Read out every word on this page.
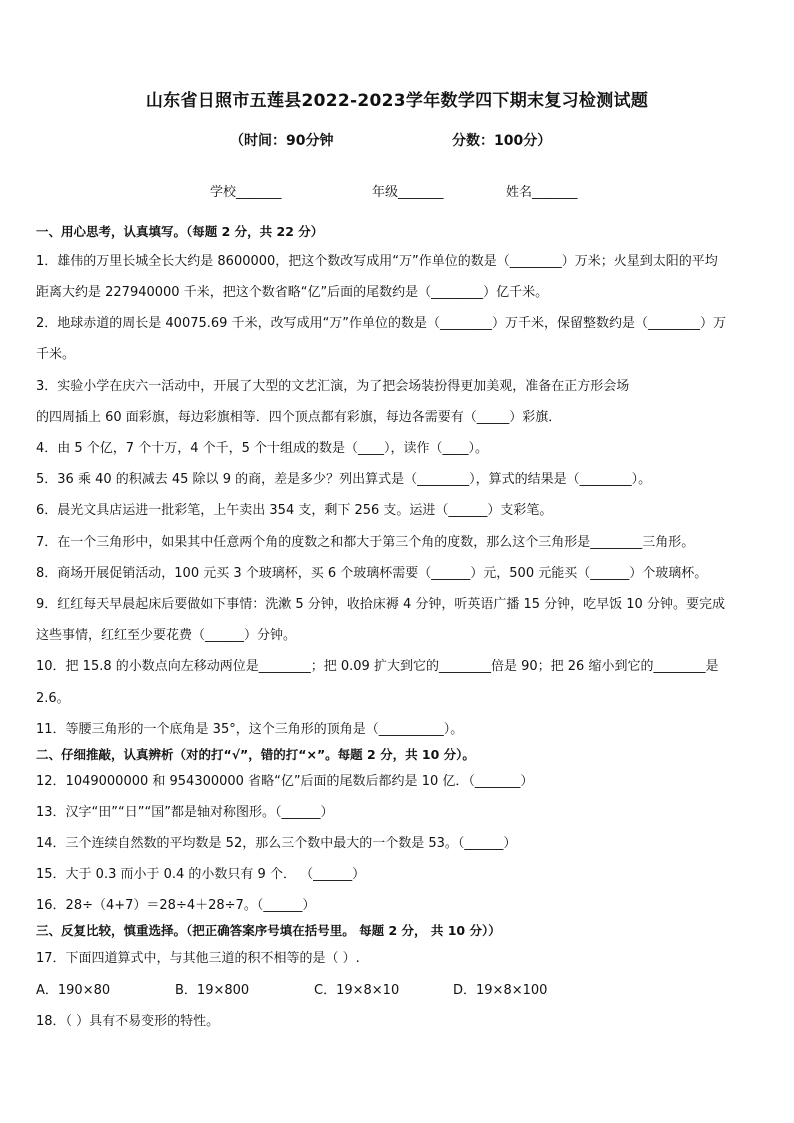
山东省日照市五莲县2022-2023学年数学四下期末复习检测试题
（时间：90分钟	分数：100分）
学校_______	年级_______	姓名_______
一、用心思考，认真填写。（每题 2 分，共 22 分）
1．雄伟的万里长城全长大约是 8600000，把这个数改写成用“万”作单位的数是（________）万米；火星到太阳的平均
距离大约是 227940000 千米，把这个数省略“亿”后面的尾数约是（________）亿千米。
2．地球赤道的周长是 40075.69 千米，改写成用“万”作单位的数是（________）万千米，保留整数约是（________）万
千米。
3．实验小学在庆六一活动中，开展了大型的文艺汇演，为了把会场装扮得更加美观，准备在正方形会场
的四周插上 60 面彩旗，每边彩旗相等．四个顶点都有彩旗，每边各需要有（_____）彩旗．
4．由 5 个亿，7 个十万，4 个千，5 个十组成的数是（____），读作（____）。
5．36 乘 40 的积减去 45 除以 9 的商，差是多少？列出算式是（________），算式的结果是（________）。
6．晨光文具店运进一批彩笔，上午卖出 354 支，剩下 256 支。运进（______）支彩笔。
7．在一个三角形中，如果其中任意两个角的度数之和都大于第三个角的度数，那么这个三角形是________三角形。
8．商场开展促销活动，100 元买 3 个玻璃杯，买 6 个玻璃杯需要（______）元，500 元能买（______）个玻璃杯。
9．红红每天早晨起床后要做如下事情：洗漱 5 分钟，收拾床褥 4 分钟，听英语广播 15 分钟，吃早饭 10 分钟。要完成
这些事情，红红至少要花费（______）分钟。
10．把 15.8 的小数点向左移动两位是________；把 0.09 扩大到它的________倍是 90；把 26 缩小到它的________是
2.6。
11．等腰三角形的一个底角是 35°，这个三角形的顶角是（__________）。
二、仔细推敲，认真辨析（对的打“√”，错的打“×”。每题 2 分，共 10 分）。
12．1049000000 和 954300000 省略“亿”后面的尾数后都约是 10 亿．（_______）
13．汉字“田”“日”“国”都是轴对称图形。（______）
14．三个连续自然数的平均数是 52，那么三个数中最大的一个数是 53。（______）
15．大于 0.3 而小于 0.4 的小数只有 9 个． （______）
16．28÷（4+7）＝28÷4＋28÷7。（______）
三、反复比较，慎重选择。（把正确答案序号填在括号里。 每题 2 分， 共 10 分））
17．下面四道算式中，与其他三道的积不相等的是（ ）.
A．190×80	B．19×800	C．19×8×10	D．19×8×100
18．（ ）具有不易变形的特性。
